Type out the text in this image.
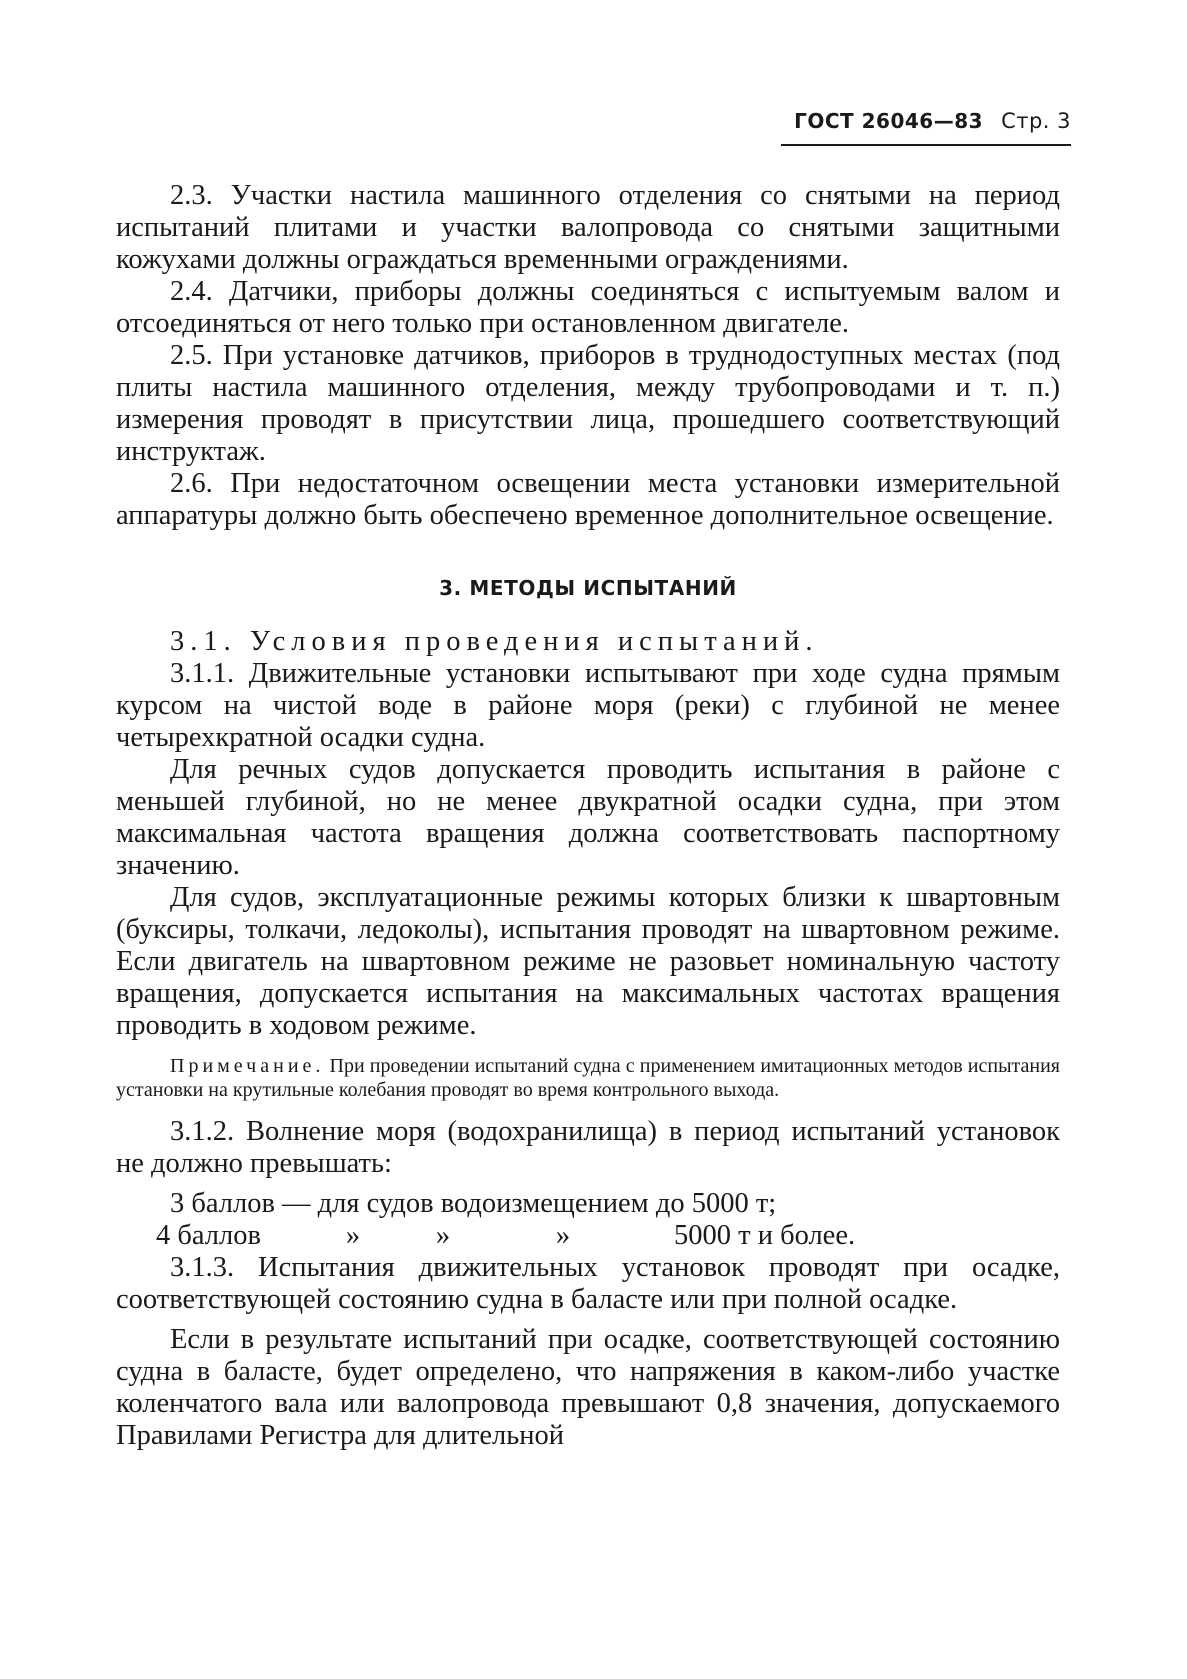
ГОСТ 26046—83 Стр. 3

2.3. Участки настила машинного отделения со снятыми на период испытаний плитами и участки валопровода со снятыми защитными кожухами должны ограждаться временными ограждениями.

2.4. Датчики, приборы должны соединяться с испытуемым валом и отсоединяться от него только при остановленном двигателе.

2.5. При установке датчиков, приборов в труднодоступных местах (под плиты настила машинного отделения, между трубопроводами и т. п.) измерения проводят в присутствии лица, прошедшего соответствующий инструктаж.

2.6. При недостаточном освещении места установки измерительной аппаратуры должно быть обеспечено временное дополнительное освещение.

3. МЕТОДЫ ИСПЫТАНИЙ

3.1. Условия проведения испытаний.

3.1.1. Движительные установки испытывают при ходе судна прямым курсом на чистой воде в районе моря (реки) с глубиной не менее четырехкратной осадки судна.

Для речных судов допускается проводить испытания в районе с меньшей глубиной, но не менее двукратной осадки судна, при этом максимальная частота вращения должна соответствовать паспортному значению.

Для судов, эксплуатационные режимы которых близки к швартовным (буксиры, толкачи, ледоколы), испытания проводят на швартовном режиме. Если двигатель на швартовном режиме не разовьет номинальную частоту вращения, допускается испытания на максимальных частотах вращения проводить в ходовом режиме.

Примечание. При проведении испытаний судна с применением имитационных методов испытания установки на крутильные колебания проводят во время контрольного выхода.

3.1.2. Волнение моря (водохранилища) в период испытаний установок не должно превышать:

3 баллов — для судов водоизмещением до 5000 т;

4 баллов	»	»	»	5000 т и более.

3.1.3. Испытания движительных установок проводят при осадке, соответствующей состоянию судна в баласте или при полной осадке.

Если в результате испытаний при осадке, соответствующей состоянию судна в баласте, будет определено, что напряжения в каком-либо участке коленчатого вала или валопровода превышают 0,8 значения, допускаемого Правилами Регистра для длительной
